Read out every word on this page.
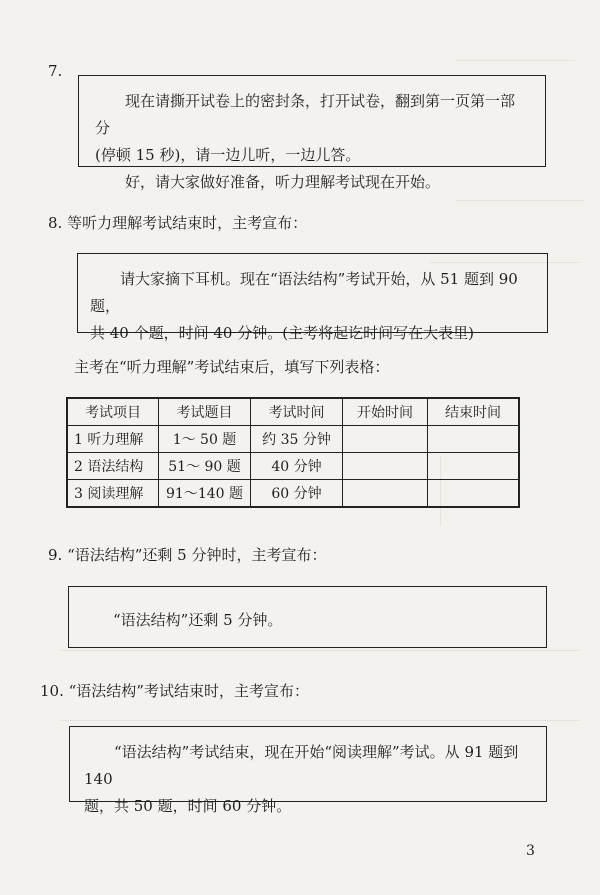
7.

现在请撕开试卷上的密封条，打开试卷，翻到第一页第一部分

(停顿 15 秒)，请一边儿听，一边儿答。

好，请大家做好准备，听力理解考试现在开始。

8. 等听力理解考试结束时，主考宣布：

请大家摘下耳机。现在“语法结构”考试开始，从 51 题到 90 题，

共 40 个题，时间 40 分钟。(主考将起讫时间写在大表里)

主考在“听力理解”考试结束后，填写下列表格：
考试项目	考试题目	考试时间	开始时间	结束时间
1 听力理解	1～ 50 题	约 35 分钟		
2 语法结构	51～ 90 题	40 分钟		
3 阅读理解	91～140 题	60 分钟		
9. “语法结构”还剩 5 分钟时，主考宣布：

“语法结构”还剩 5 分钟。

10. “语法结构”考试结束时，主考宣布：

“语法结构”考试结束，现在开始“阅读理解”考试。从 91 题到 140

题，共 50 题，时间 60 分钟。

3
